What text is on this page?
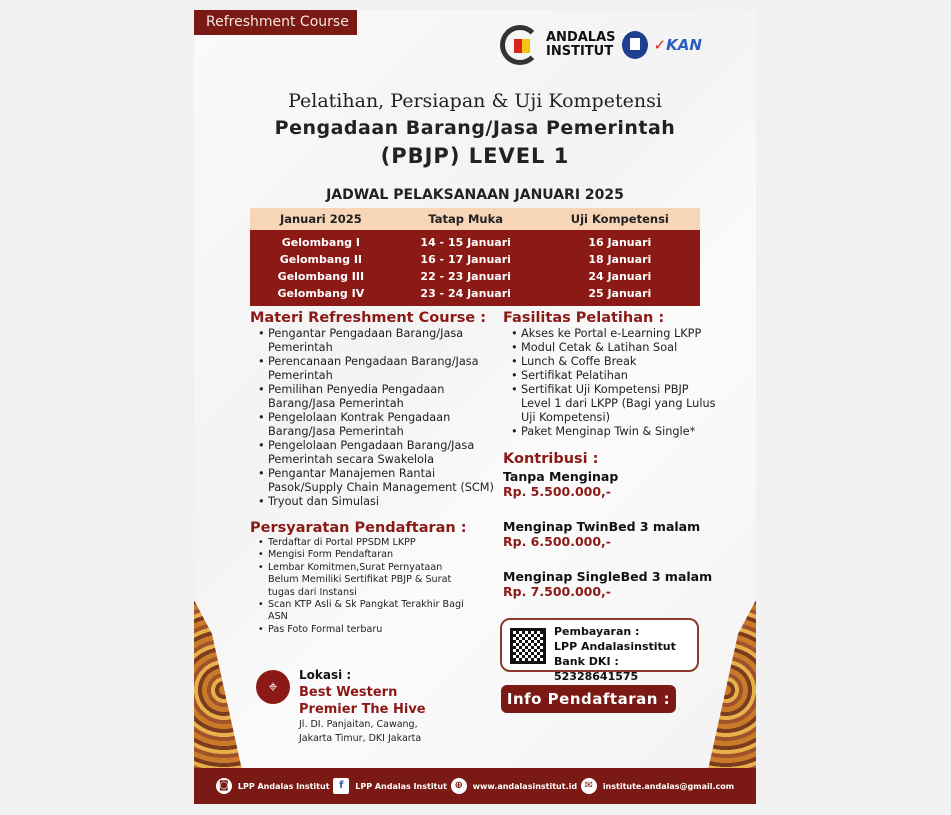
Refreshment Course
ANDALAS
INSTITUT	✓KAN
Pelatihan, Persiapan & Uji Kompetensi
Pengadaan Barang/Jasa Pemerintah
(PBJP) LEVEL 1
JADWAL PELAKSANAAN JANUARI 2025
Januari 2025	Tatap Muka	Uji Kompetensi
Gelombang I	14 - 15 Januari	16 Januari
Gelombang II	16 - 17 Januari	18 Januari
Gelombang III	22 - 23 Januari	24 Januari
Gelombang IV	23 - 24 Januari	25 Januari
Materi Refreshment Course :
• Pengantar Pengadaan Barang/Jasa Pemerintah
• Perencanaan Pengadaan Barang/Jasa Pemerintah
• Pemilihan Penyedia Pengadaan Barang/Jasa Pemerintah
• Pengelolaan Kontrak Pengadaan Barang/Jasa Pemerintah
• Pengelolaan Pengadaan Barang/Jasa Pemerintah secara Swakelola
• Pengantar Manajemen Rantai Pasok/Supply Chain Management (SCM)
• Tryout dan Simulasi
Persyaratan Pendaftaran :
• Terdaftar di Portal PPSDM LKPP
• Mengisi Form Pendaftaran
• Lembar Komitmen,Surat Pernyataan Belum Memiliki Sertifikat PBJP & Surat tugas dari Instansi
• Scan KTP Asli & Sk Pangkat Terakhir Bagi ASN
• Pas Foto Formal terbaru
Fasilitas Pelatihan :
• Akses ke Portal e-Learning LKPP
• Modul Cetak & Latihan Soal
• Lunch & Coffe Break
• Sertifikat Pelatihan
• Sertifikat Uji Kompetensi PBJP Level 1 dari LKPP (Bagi yang Lulus Uji Kompetensi)
• Paket Menginap Twin & Single*
Kontribusi :
Tanpa Menginap
Rp. 5.500.000,-
Menginap TwinBed 3 malam
Rp. 6.500.000,-
Menginap SingleBed 3 malam
Rp. 7.500.000,-
Pembayaran :
LPP Andalasinstitut
Bank DKI : 52328641575
Info Pendaftaran :
⌖
Lokasi :
Best Western
Premier The Hive
Jl. DI. Panjaitan, Cawang,
Jakarta Timur, DKI Jakarta
◙	LPP Andalas Institut f	LPP Andalas Institut ⊕	www.andalasinstitut.id ✉	institute.andalas@gmail.com
